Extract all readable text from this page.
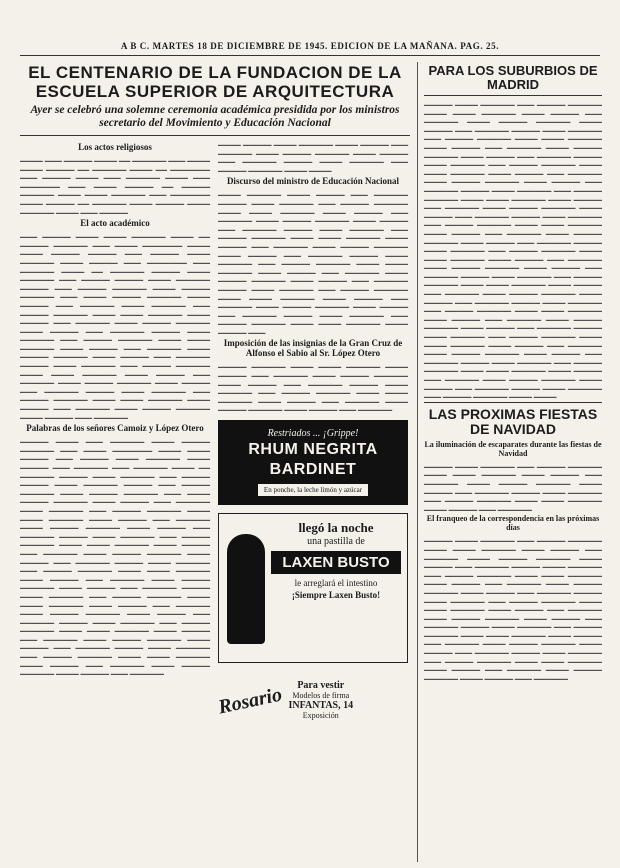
A B C. MARTES 18 DE DICIEMBRE DE 1945. EDICION DE LA MAÑANA. PAG. 25.
EL CENTENARIO DE LA FUNDACION DE LA
ESCUELA SUPERIOR DE ARQUITECTURA
Ayer se celebró una solemne ceremonia académica presidida por los ministros secretario del Movimiento y Educación Nacional
Los actos religiosos
▁▁▁▁ ▁▁▁ ▁▁▁▁▁ ▁▁▁▁ ▁▁ ▁▁▁▁▁▁ ▁▁▁ ▁▁▁▁ ▁▁▁▁ ▁▁▁▁▁ ▁▁ ▁▁▁▁▁▁ ▁▁▁▁ ▁▁ ▁▁▁▁▁▁▁ ▁▁▁ ▁▁▁▁▁ ▁▁▁▁ ▁▁▁ ▁▁▁▁▁▁ ▁▁▁▁ ▁▁▁ ▁▁▁▁▁▁▁ ▁▁▁ ▁▁▁▁ ▁▁▁▁▁ ▁▁ ▁▁▁▁▁ ▁▁▁▁▁▁ ▁▁▁▁ ▁▁▁▁ ▁▁▁▁▁▁ ▁▁▁ ▁▁▁▁▁▁▁ ▁▁▁▁ ▁▁▁▁▁ ▁▁ ▁▁▁▁▁▁ ▁▁▁▁ ▁▁▁▁▁ ▁▁▁▁ ▁▁▁▁▁▁ ▁▁▁▁ ▁▁▁ ▁▁▁▁▁
El acto académico
▁▁▁ ▁▁▁▁▁ ▁▁▁▁ ▁▁▁▁ ▁▁▁▁▁▁ ▁▁▁▁ ▁▁ ▁▁▁▁▁ ▁▁▁▁▁▁ ▁▁▁ ▁▁▁▁ ▁▁▁▁▁▁▁ ▁▁▁▁ ▁▁▁▁ ▁▁▁▁▁ ▁▁▁▁▁ ▁▁▁ ▁▁▁▁▁ ▁▁▁▁ ▁▁▁▁▁▁ ▁▁▁▁ ▁▁▁▁▁ ▁▁▁ ▁▁▁▁▁▁▁ ▁▁▁ ▁▁▁▁▁▁ ▁▁▁▁ ▁▁ ▁▁▁▁▁▁ ▁▁▁▁▁ ▁▁▁▁ ▁▁▁▁▁▁ ▁▁▁ ▁▁▁▁▁ ▁▁▁▁▁ ▁▁▁▁ ▁▁▁▁▁▁ ▁▁▁▁▁ ▁▁▁ ▁▁▁▁▁ ▁▁▁▁▁▁ ▁▁▁▁ ▁▁▁▁▁ ▁▁▁▁▁▁ ▁▁▁ ▁▁▁▁ ▁▁▁▁▁ ▁▁▁▁▁▁ ▁▁▁▁ ▁▁▁▁▁ ▁▁▁ ▁▁▁▁▁▁ ▁▁▁▁ ▁▁▁▁▁▁ ▁▁▁ ▁▁▁▁▁ ▁▁▁▁▁▁ ▁▁▁▁ ▁▁▁▁ ▁▁▁▁▁▁ ▁▁▁▁ ▁▁▁▁▁ ▁▁▁ ▁▁▁▁▁▁ ▁▁▁▁ ▁▁▁▁▁ ▁▁▁▁▁▁ ▁▁▁▁ ▁▁▁▁▁ ▁▁▁ ▁▁▁▁▁▁ ▁▁▁▁▁ ▁▁▁▁ ▁▁▁▁▁▁ ▁▁▁ ▁▁▁▁▁ ▁▁▁▁▁▁ ▁▁▁▁ ▁▁▁▁ ▁▁▁▁▁▁ ▁▁▁▁ ▁▁▁▁▁ ▁▁▁ ▁▁▁▁▁▁ ▁▁▁▁ ▁▁▁▁▁ ▁▁▁▁▁▁ ▁▁▁▁ ▁▁▁▁▁ ▁▁▁ ▁▁▁▁▁▁ ▁▁▁▁▁ ▁▁▁▁ ▁▁▁▁▁▁ ▁▁▁ ▁▁▁▁▁ ▁▁▁▁▁▁ ▁▁▁▁ ▁▁▁▁ ▁▁▁▁▁▁ ▁▁▁▁ ▁▁▁▁▁ ▁▁▁ ▁▁▁▁▁▁ ▁▁▁▁ ▁▁▁▁▁ ▁▁▁▁▁▁ ▁▁▁▁ ▁▁▁▁▁ ▁▁▁ ▁▁▁▁▁▁ ▁▁▁▁▁ ▁▁▁▁ ▁▁▁▁▁▁ ▁▁▁ ▁▁▁▁▁ ▁▁▁▁▁▁ ▁▁▁▁ ▁▁▁▁ ▁▁▁▁▁▁ ▁▁▁▁ ▁▁▁▁▁ ▁▁▁ ▁▁▁▁▁▁ ▁▁▁▁ ▁▁▁▁▁ ▁▁▁▁▁▁ ▁▁▁▁ ▁▁▁▁▁ ▁▁▁ ▁▁▁▁▁▁
Palabras de los señores Camoiz y López Otero
▁▁▁▁▁ ▁▁▁▁ ▁▁▁ ▁▁▁▁▁▁ ▁▁▁▁ ▁▁▁▁▁ ▁▁▁▁▁▁ ▁▁▁ ▁▁▁▁ ▁▁▁▁▁▁▁ ▁▁▁▁ ▁▁▁▁ ▁▁▁▁▁ ▁▁▁ ▁▁▁▁▁ ▁▁▁▁ ▁▁▁▁▁▁ ▁▁▁▁ ▁▁▁▁▁ ▁▁▁ ▁▁▁▁▁▁ ▁▁▁ ▁▁▁▁▁▁ ▁▁▁▁ ▁▁ ▁▁▁▁▁▁ ▁▁▁▁▁ ▁▁▁▁ ▁▁▁▁▁▁ ▁▁▁ ▁▁▁▁▁ ▁▁▁▁▁ ▁▁▁▁ ▁▁▁▁▁▁ ▁▁▁▁▁ ▁▁▁ ▁▁▁▁▁ ▁▁▁▁▁▁ ▁▁▁▁ ▁▁▁▁▁ ▁▁▁▁▁▁ ▁▁▁ ▁▁▁▁ ▁▁▁▁▁ ▁▁▁▁▁▁ ▁▁▁▁ ▁▁▁▁▁ ▁▁▁ ▁▁▁▁▁▁ ▁▁▁▁ ▁▁▁▁▁▁ ▁▁▁ ▁▁▁▁▁ ▁▁▁▁▁▁ ▁▁▁▁ ▁▁▁▁ ▁▁▁▁▁▁ ▁▁▁▁ ▁▁▁▁▁ ▁▁▁ ▁▁▁▁▁▁ ▁▁▁▁ ▁▁▁▁▁ ▁▁▁▁▁▁ ▁▁▁▁ ▁▁▁▁▁ ▁▁▁ ▁▁▁▁▁▁ ▁▁▁▁▁ ▁▁▁▁ ▁▁▁▁▁▁ ▁▁▁ ▁▁▁▁▁ ▁▁▁▁▁▁ ▁▁▁▁ ▁▁▁▁ ▁▁▁▁▁▁ ▁▁▁▁ ▁▁▁▁▁ ▁▁▁ ▁▁▁▁▁▁ ▁▁▁▁ ▁▁▁▁▁ ▁▁▁▁▁▁ ▁▁▁▁ ▁▁▁▁▁ ▁▁▁ ▁▁▁▁▁▁ ▁▁▁▁▁ ▁▁▁▁ ▁▁▁▁▁▁ ▁▁▁ ▁▁▁▁▁ ▁▁▁▁▁▁ ▁▁▁▁ ▁▁▁▁ ▁▁▁▁▁▁ ▁▁▁▁ ▁▁▁▁▁ ▁▁▁ ▁▁▁▁▁▁ ▁▁▁▁ ▁▁▁▁▁ ▁▁▁▁▁▁ ▁▁▁▁ ▁▁▁▁▁ ▁▁▁ ▁▁▁▁▁▁ ▁▁▁▁▁ ▁▁▁▁ ▁▁▁▁▁▁ ▁▁▁ ▁▁▁▁▁ ▁▁▁▁▁▁ ▁▁▁▁ ▁▁▁▁ ▁▁▁▁▁▁ ▁▁▁▁ ▁▁▁▁▁ ▁▁▁ ▁▁▁▁▁▁ ▁▁▁▁ ▁▁▁▁▁ ▁▁▁▁▁▁ ▁▁▁▁ ▁▁▁▁▁ ▁▁▁ ▁▁▁▁▁▁ ▁▁▁▁▁ ▁▁▁▁ ▁▁▁▁▁▁ ▁▁▁ ▁▁▁▁▁ ▁▁▁▁▁▁ ▁▁▁▁ ▁▁▁▁ ▁▁▁▁▁▁ ▁▁▁▁ ▁▁▁▁▁ ▁▁▁ ▁▁▁▁▁▁ ▁▁▁▁ ▁▁▁▁▁ ▁▁▁▁▁▁ ▁▁▁▁ ▁▁▁▁▁ ▁▁▁ ▁▁▁▁▁▁ ▁▁▁▁▁ ▁▁▁▁ ▁▁▁▁▁▁ ▁▁▁ ▁▁▁▁▁ ▁▁▁▁▁▁ ▁▁▁▁ ▁▁▁▁ ▁▁▁▁▁▁ ▁▁▁▁ ▁▁▁▁▁ ▁▁▁ ▁▁▁▁▁▁ ▁▁▁▁ ▁▁▁▁▁ ▁▁▁▁▁▁ ▁▁▁▁ ▁▁▁▁▁ ▁▁▁ ▁▁▁▁▁▁
▁▁▁▁ ▁▁▁▁▁ ▁▁▁▁ ▁▁▁▁▁▁ ▁▁▁▁ ▁▁▁▁▁ ▁▁▁ ▁▁▁▁▁▁ ▁▁▁▁ ▁▁▁▁▁ ▁▁▁▁▁▁ ▁▁▁▁ ▁▁▁▁▁ ▁▁▁ ▁▁▁▁▁▁ ▁▁▁▁▁ ▁▁▁▁ ▁▁▁▁▁▁ ▁▁▁ ▁▁▁▁▁ ▁▁▁▁▁▁ ▁▁▁▁ ▁▁▁▁
Discurso del ministro de Educación Nacional
▁▁▁▁ ▁▁▁▁▁▁ ▁▁▁▁ ▁▁▁▁▁ ▁▁▁ ▁▁▁▁▁▁ ▁▁▁▁▁ ▁▁▁▁ ▁▁▁▁▁▁ ▁▁▁ ▁▁▁▁▁ ▁▁▁▁▁▁ ▁▁▁▁ ▁▁▁▁ ▁▁▁▁▁▁ ▁▁▁▁ ▁▁▁▁▁ ▁▁▁ ▁▁▁▁▁▁ ▁▁▁▁ ▁▁▁▁▁ ▁▁▁▁▁▁ ▁▁▁▁ ▁▁▁▁▁ ▁▁▁ ▁▁▁▁▁▁ ▁▁▁▁▁ ▁▁▁▁ ▁▁▁▁▁▁ ▁▁▁ ▁▁▁▁▁ ▁▁▁▁▁▁ ▁▁▁▁ ▁▁▁▁ ▁▁▁▁▁▁ ▁▁▁▁ ▁▁▁▁▁ ▁▁▁ ▁▁▁▁▁▁ ▁▁▁▁ ▁▁▁▁▁ ▁▁▁▁▁▁ ▁▁▁▁ ▁▁▁▁▁ ▁▁▁ ▁▁▁▁▁▁ ▁▁▁▁▁ ▁▁▁▁ ▁▁▁▁▁▁ ▁▁▁ ▁▁▁▁▁ ▁▁▁▁▁▁ ▁▁▁▁ ▁▁▁▁ ▁▁▁▁▁▁ ▁▁▁▁ ▁▁▁▁▁ ▁▁▁ ▁▁▁▁▁▁ ▁▁▁▁ ▁▁▁▁▁ ▁▁▁▁▁▁ ▁▁▁▁ ▁▁▁▁▁ ▁▁▁ ▁▁▁▁▁▁ ▁▁▁▁▁ ▁▁▁▁ ▁▁▁▁▁▁ ▁▁▁ ▁▁▁▁▁ ▁▁▁▁▁▁ ▁▁▁▁ ▁▁▁▁ ▁▁▁▁▁▁ ▁▁▁▁ ▁▁▁▁▁ ▁▁▁ ▁▁▁▁▁▁ ▁▁▁▁ ▁▁▁▁▁ ▁▁▁▁▁▁ ▁▁▁▁ ▁▁▁▁▁ ▁▁▁ ▁▁▁▁▁▁ ▁▁▁▁▁ ▁▁▁▁ ▁▁▁▁▁▁ ▁▁▁ ▁▁▁▁▁ ▁▁▁▁▁▁ ▁▁▁▁ ▁▁▁▁ ▁▁▁▁▁▁ ▁▁▁▁ ▁▁▁▁▁ ▁▁▁
Imposición de las insignias de la Gran Cruz de Alfonso el Sabio al Sr. López Otero
▁▁▁▁▁ ▁▁▁▁▁▁ ▁▁▁▁ ▁▁▁▁ ▁▁▁▁▁▁ ▁▁▁▁ ▁▁▁▁▁ ▁▁▁ ▁▁▁▁▁▁ ▁▁▁▁ ▁▁▁▁▁ ▁▁▁▁▁▁ ▁▁▁▁ ▁▁▁▁▁ ▁▁▁ ▁▁▁▁▁▁ ▁▁▁▁▁ ▁▁▁▁ ▁▁▁▁▁▁ ▁▁▁ ▁▁▁▁▁ ▁▁▁▁▁▁ ▁▁▁▁ ▁▁▁▁ ▁▁▁▁▁▁ ▁▁▁▁ ▁▁▁▁▁ ▁▁▁ ▁▁▁▁▁▁ ▁▁▁▁ ▁▁▁▁▁ ▁▁▁▁▁▁ ▁▁▁▁ ▁▁▁▁▁ ▁▁▁ ▁▁▁▁▁▁
Restriados ... ¡Grippe!
RHUM NEGRITA
BARDINET
En ponche, la leche limón y azúcar
llegó la noche
una pastilla de
LAXEN BUSTO
le arreglará el intestino
¡Siempre Laxen Busto!
Rosario	Para vestir
Modelos de firma
INFANTAS, 14
Exposición
PARA LOS SUBURBIOS DE MADRID
▁▁▁▁▁ ▁▁▁▁ ▁▁▁▁▁▁ ▁▁▁ ▁▁▁▁▁ ▁▁▁▁▁▁ ▁▁▁▁ ▁▁▁▁ ▁▁▁▁▁▁ ▁▁▁▁ ▁▁▁▁▁ ▁▁▁ ▁▁▁▁▁▁ ▁▁▁▁ ▁▁▁▁▁ ▁▁▁▁▁▁ ▁▁▁▁ ▁▁▁▁▁ ▁▁▁ ▁▁▁▁▁▁ ▁▁▁▁▁ ▁▁▁▁ ▁▁▁▁▁▁ ▁▁▁ ▁▁▁▁▁ ▁▁▁▁▁▁ ▁▁▁▁ ▁▁▁▁ ▁▁▁▁▁▁ ▁▁▁▁ ▁▁▁▁▁ ▁▁▁ ▁▁▁▁▁▁ ▁▁▁▁ ▁▁▁▁▁ ▁▁▁▁▁▁ ▁▁▁▁ ▁▁▁▁▁ ▁▁▁ ▁▁▁▁▁▁ ▁▁▁▁▁ ▁▁▁▁ ▁▁▁▁▁▁ ▁▁▁ ▁▁▁▁▁ ▁▁▁▁▁▁ ▁▁▁▁ ▁▁▁▁ ▁▁▁▁▁▁ ▁▁▁▁ ▁▁▁▁▁ ▁▁▁ ▁▁▁▁▁▁ ▁▁▁▁ ▁▁▁▁▁ ▁▁▁▁▁▁ ▁▁▁▁ ▁▁▁▁▁ ▁▁▁ ▁▁▁▁▁▁ ▁▁▁▁▁ ▁▁▁▁ ▁▁▁▁▁▁ ▁▁▁ ▁▁▁▁▁ ▁▁▁▁▁▁ ▁▁▁▁ ▁▁▁▁ ▁▁▁▁▁▁ ▁▁▁▁ ▁▁▁▁▁ ▁▁▁ ▁▁▁▁▁▁ ▁▁▁▁ ▁▁▁▁▁ ▁▁▁▁▁▁ ▁▁▁▁ ▁▁▁▁▁ ▁▁▁ ▁▁▁▁▁▁ ▁▁▁▁▁ ▁▁▁▁ ▁▁▁▁▁▁ ▁▁▁ ▁▁▁▁▁ ▁▁▁▁▁▁ ▁▁▁▁ ▁▁▁▁ ▁▁▁▁▁▁ ▁▁▁▁ ▁▁▁▁▁ ▁▁▁ ▁▁▁▁▁▁ ▁▁▁▁ ▁▁▁▁▁ ▁▁▁▁▁▁ ▁▁▁▁ ▁▁▁▁▁ ▁▁▁ ▁▁▁▁▁▁ ▁▁▁▁▁ ▁▁▁▁ ▁▁▁▁▁▁ ▁▁▁ ▁▁▁▁▁ ▁▁▁▁▁▁ ▁▁▁▁ ▁▁▁▁ ▁▁▁▁▁▁ ▁▁▁▁ ▁▁▁▁▁ ▁▁▁ ▁▁▁▁▁▁ ▁▁▁▁ ▁▁▁▁▁ ▁▁▁▁▁▁ ▁▁▁▁ ▁▁▁▁▁ ▁▁▁ ▁▁▁▁▁▁ ▁▁▁▁▁ ▁▁▁▁ ▁▁▁▁▁▁ ▁▁▁ ▁▁▁▁▁ ▁▁▁▁▁▁ ▁▁▁▁ ▁▁▁▁ ▁▁▁▁▁▁ ▁▁▁▁ ▁▁▁▁▁ ▁▁▁ ▁▁▁▁▁▁ ▁▁▁▁ ▁▁▁▁▁ ▁▁▁▁▁▁ ▁▁▁▁ ▁▁▁▁▁ ▁▁▁ ▁▁▁▁▁▁ ▁▁▁▁▁ ▁▁▁▁ ▁▁▁▁▁▁ ▁▁▁ ▁▁▁▁▁ ▁▁▁▁▁▁ ▁▁▁▁ ▁▁▁▁ ▁▁▁▁▁▁ ▁▁▁▁ ▁▁▁▁▁ ▁▁▁ ▁▁▁▁▁▁ ▁▁▁▁ ▁▁▁▁▁ ▁▁▁▁▁▁ ▁▁▁▁ ▁▁▁▁▁ ▁▁▁ ▁▁▁▁▁▁ ▁▁▁▁▁ ▁▁▁▁ ▁▁▁▁▁▁ ▁▁▁ ▁▁▁▁▁ ▁▁▁▁▁▁ ▁▁▁▁ ▁▁▁▁ ▁▁▁▁▁▁ ▁▁▁▁ ▁▁▁▁▁ ▁▁▁ ▁▁▁▁▁▁ ▁▁▁▁ ▁▁▁▁▁ ▁▁▁▁▁▁ ▁▁▁▁ ▁▁▁▁▁ ▁▁▁ ▁▁▁▁▁▁ ▁▁▁▁▁ ▁▁▁▁ ▁▁▁▁▁▁ ▁▁▁ ▁▁▁▁▁ ▁▁▁▁▁▁ ▁▁▁▁ ▁▁▁▁ ▁▁▁▁▁▁ ▁▁▁▁ ▁▁▁▁▁ ▁▁▁ ▁▁▁▁▁▁ ▁▁▁▁ ▁▁▁▁▁ ▁▁▁▁▁▁ ▁▁▁▁ ▁▁▁▁▁ ▁▁▁ ▁▁▁▁▁▁ ▁▁▁▁▁ ▁▁▁▁ ▁▁▁▁▁▁ ▁▁▁ ▁▁▁▁▁ ▁▁▁▁▁▁ ▁▁▁▁ ▁▁▁▁
LAS PROXIMAS FIESTAS DE NAVIDAD
La iluminación de escaparates durante las fiestas de Navidad
▁▁▁▁▁ ▁▁▁▁ ▁▁▁▁▁▁ ▁▁▁ ▁▁▁▁▁ ▁▁▁▁▁▁ ▁▁▁▁ ▁▁▁▁ ▁▁▁▁▁▁ ▁▁▁▁ ▁▁▁▁▁ ▁▁▁ ▁▁▁▁▁▁ ▁▁▁▁ ▁▁▁▁▁ ▁▁▁▁▁▁ ▁▁▁▁ ▁▁▁▁▁ ▁▁▁ ▁▁▁▁▁▁ ▁▁▁▁▁ ▁▁▁▁ ▁▁▁▁▁▁ ▁▁▁ ▁▁▁▁▁ ▁▁▁▁▁▁ ▁▁▁▁ ▁▁▁▁ ▁▁▁▁▁▁ ▁▁▁▁ ▁▁▁▁▁ ▁▁▁ ▁▁▁▁▁▁
El franqueo de la correspondencia en las próximas días
▁▁▁▁▁ ▁▁▁▁ ▁▁▁▁▁▁ ▁▁▁ ▁▁▁▁▁ ▁▁▁▁▁▁ ▁▁▁▁ ▁▁▁▁ ▁▁▁▁▁▁ ▁▁▁▁ ▁▁▁▁▁ ▁▁▁ ▁▁▁▁▁▁ ▁▁▁▁ ▁▁▁▁▁ ▁▁▁▁▁▁ ▁▁▁▁ ▁▁▁▁▁ ▁▁▁ ▁▁▁▁▁▁ ▁▁▁▁▁ ▁▁▁▁ ▁▁▁▁▁▁ ▁▁▁ ▁▁▁▁▁ ▁▁▁▁▁▁ ▁▁▁▁ ▁▁▁▁ ▁▁▁▁▁▁ ▁▁▁▁ ▁▁▁▁▁ ▁▁▁ ▁▁▁▁▁▁ ▁▁▁▁ ▁▁▁▁▁ ▁▁▁▁▁▁ ▁▁▁▁ ▁▁▁▁▁ ▁▁▁ ▁▁▁▁▁▁ ▁▁▁▁▁ ▁▁▁▁ ▁▁▁▁▁▁ ▁▁▁ ▁▁▁▁▁ ▁▁▁▁▁▁ ▁▁▁▁ ▁▁▁▁ ▁▁▁▁▁▁ ▁▁▁▁ ▁▁▁▁▁ ▁▁▁ ▁▁▁▁▁▁ ▁▁▁▁ ▁▁▁▁▁ ▁▁▁▁▁▁ ▁▁▁▁ ▁▁▁▁▁ ▁▁▁ ▁▁▁▁▁▁ ▁▁▁▁▁ ▁▁▁▁ ▁▁▁▁▁▁ ▁▁▁ ▁▁▁▁▁ ▁▁▁▁▁▁ ▁▁▁▁ ▁▁▁▁ ▁▁▁▁▁▁ ▁▁▁▁ ▁▁▁▁▁ ▁▁▁ ▁▁▁▁▁▁ ▁▁▁▁ ▁▁▁▁▁ ▁▁▁▁▁▁ ▁▁▁▁ ▁▁▁▁▁ ▁▁▁ ▁▁▁▁▁▁ ▁▁▁▁▁ ▁▁▁▁ ▁▁▁▁▁▁ ▁▁▁ ▁▁▁▁▁ ▁▁▁▁▁▁ ▁▁▁▁ ▁▁▁▁ ▁▁▁▁▁▁ ▁▁▁▁ ▁▁▁▁▁ ▁▁▁ ▁▁▁▁▁▁ ▁▁▁▁ ▁▁▁▁▁ ▁▁▁▁▁▁ ▁▁▁▁ ▁▁▁▁▁ ▁▁▁ ▁▁▁▁▁▁
